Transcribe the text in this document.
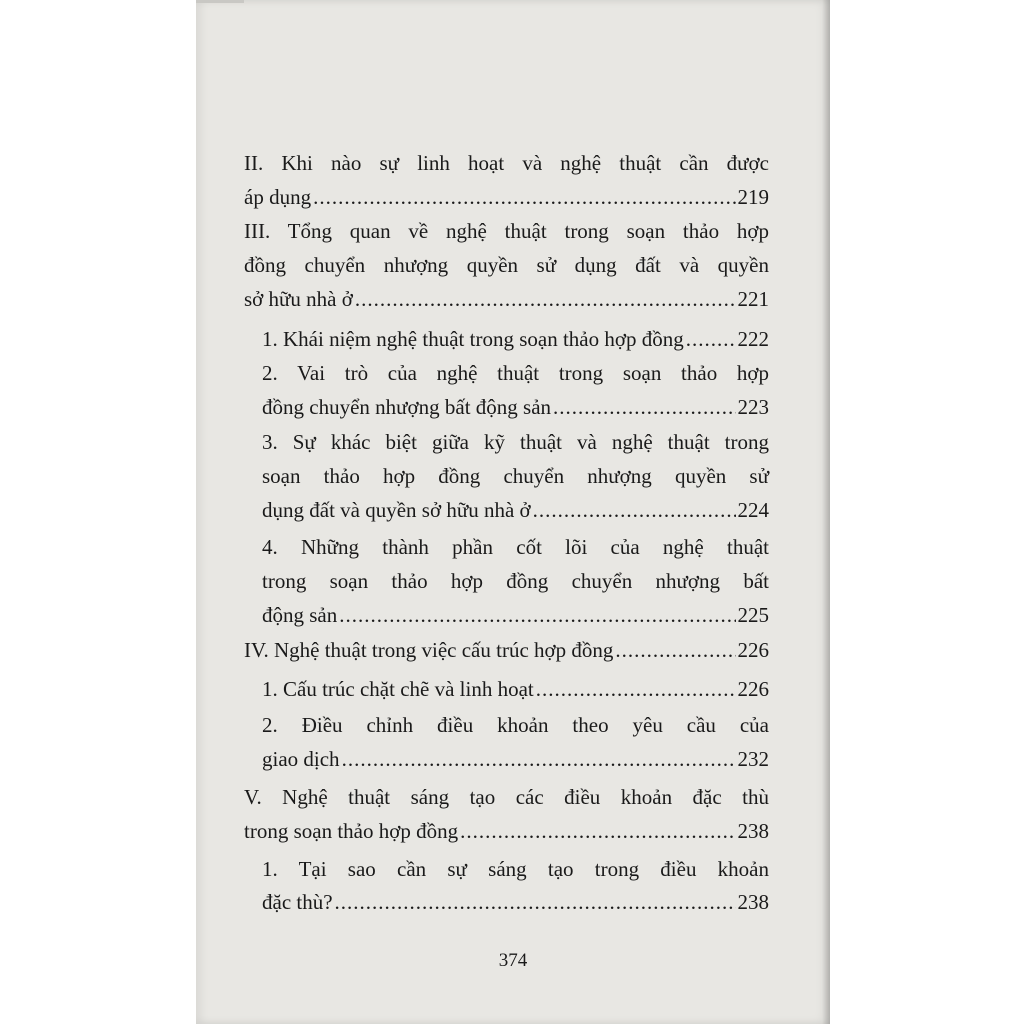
II. Khi nào sự linh hoạt và nghệ thuật cần được
áp dụng .....	219
III. Tổng quan về nghệ thuật trong soạn thảo hợp
đồng chuyển nhượng quyền sử dụng đất và quyền
sở hữu nhà ở .....	221
1. Khái niệm nghệ thuật trong soạn thảo hợp đồng .....	222
2. Vai trò của nghệ thuật trong soạn thảo hợp
đồng chuyển nhượng bất động sản .....	223
3. Sự khác biệt giữa kỹ thuật và nghệ thuật trong
soạn thảo hợp đồng chuyển nhượng quyền sử
dụng đất và quyền sở hữu nhà ở .....	224
4. Những thành phần cốt lõi của nghệ thuật
trong soạn thảo hợp đồng chuyển nhượng bất
động sản .....	225
IV. Nghệ thuật trong việc cấu trúc hợp đồng .....	226
1. Cấu trúc chặt chẽ và linh hoạt .....	226
2. Điều chỉnh điều khoản theo yêu cầu của
giao dịch .....	232
V. Nghệ thuật sáng tạo các điều khoản đặc thù
trong soạn thảo hợp đồng .....	238
1. Tại sao cần sự sáng tạo trong điều khoản
đặc thù? .....	238
374
